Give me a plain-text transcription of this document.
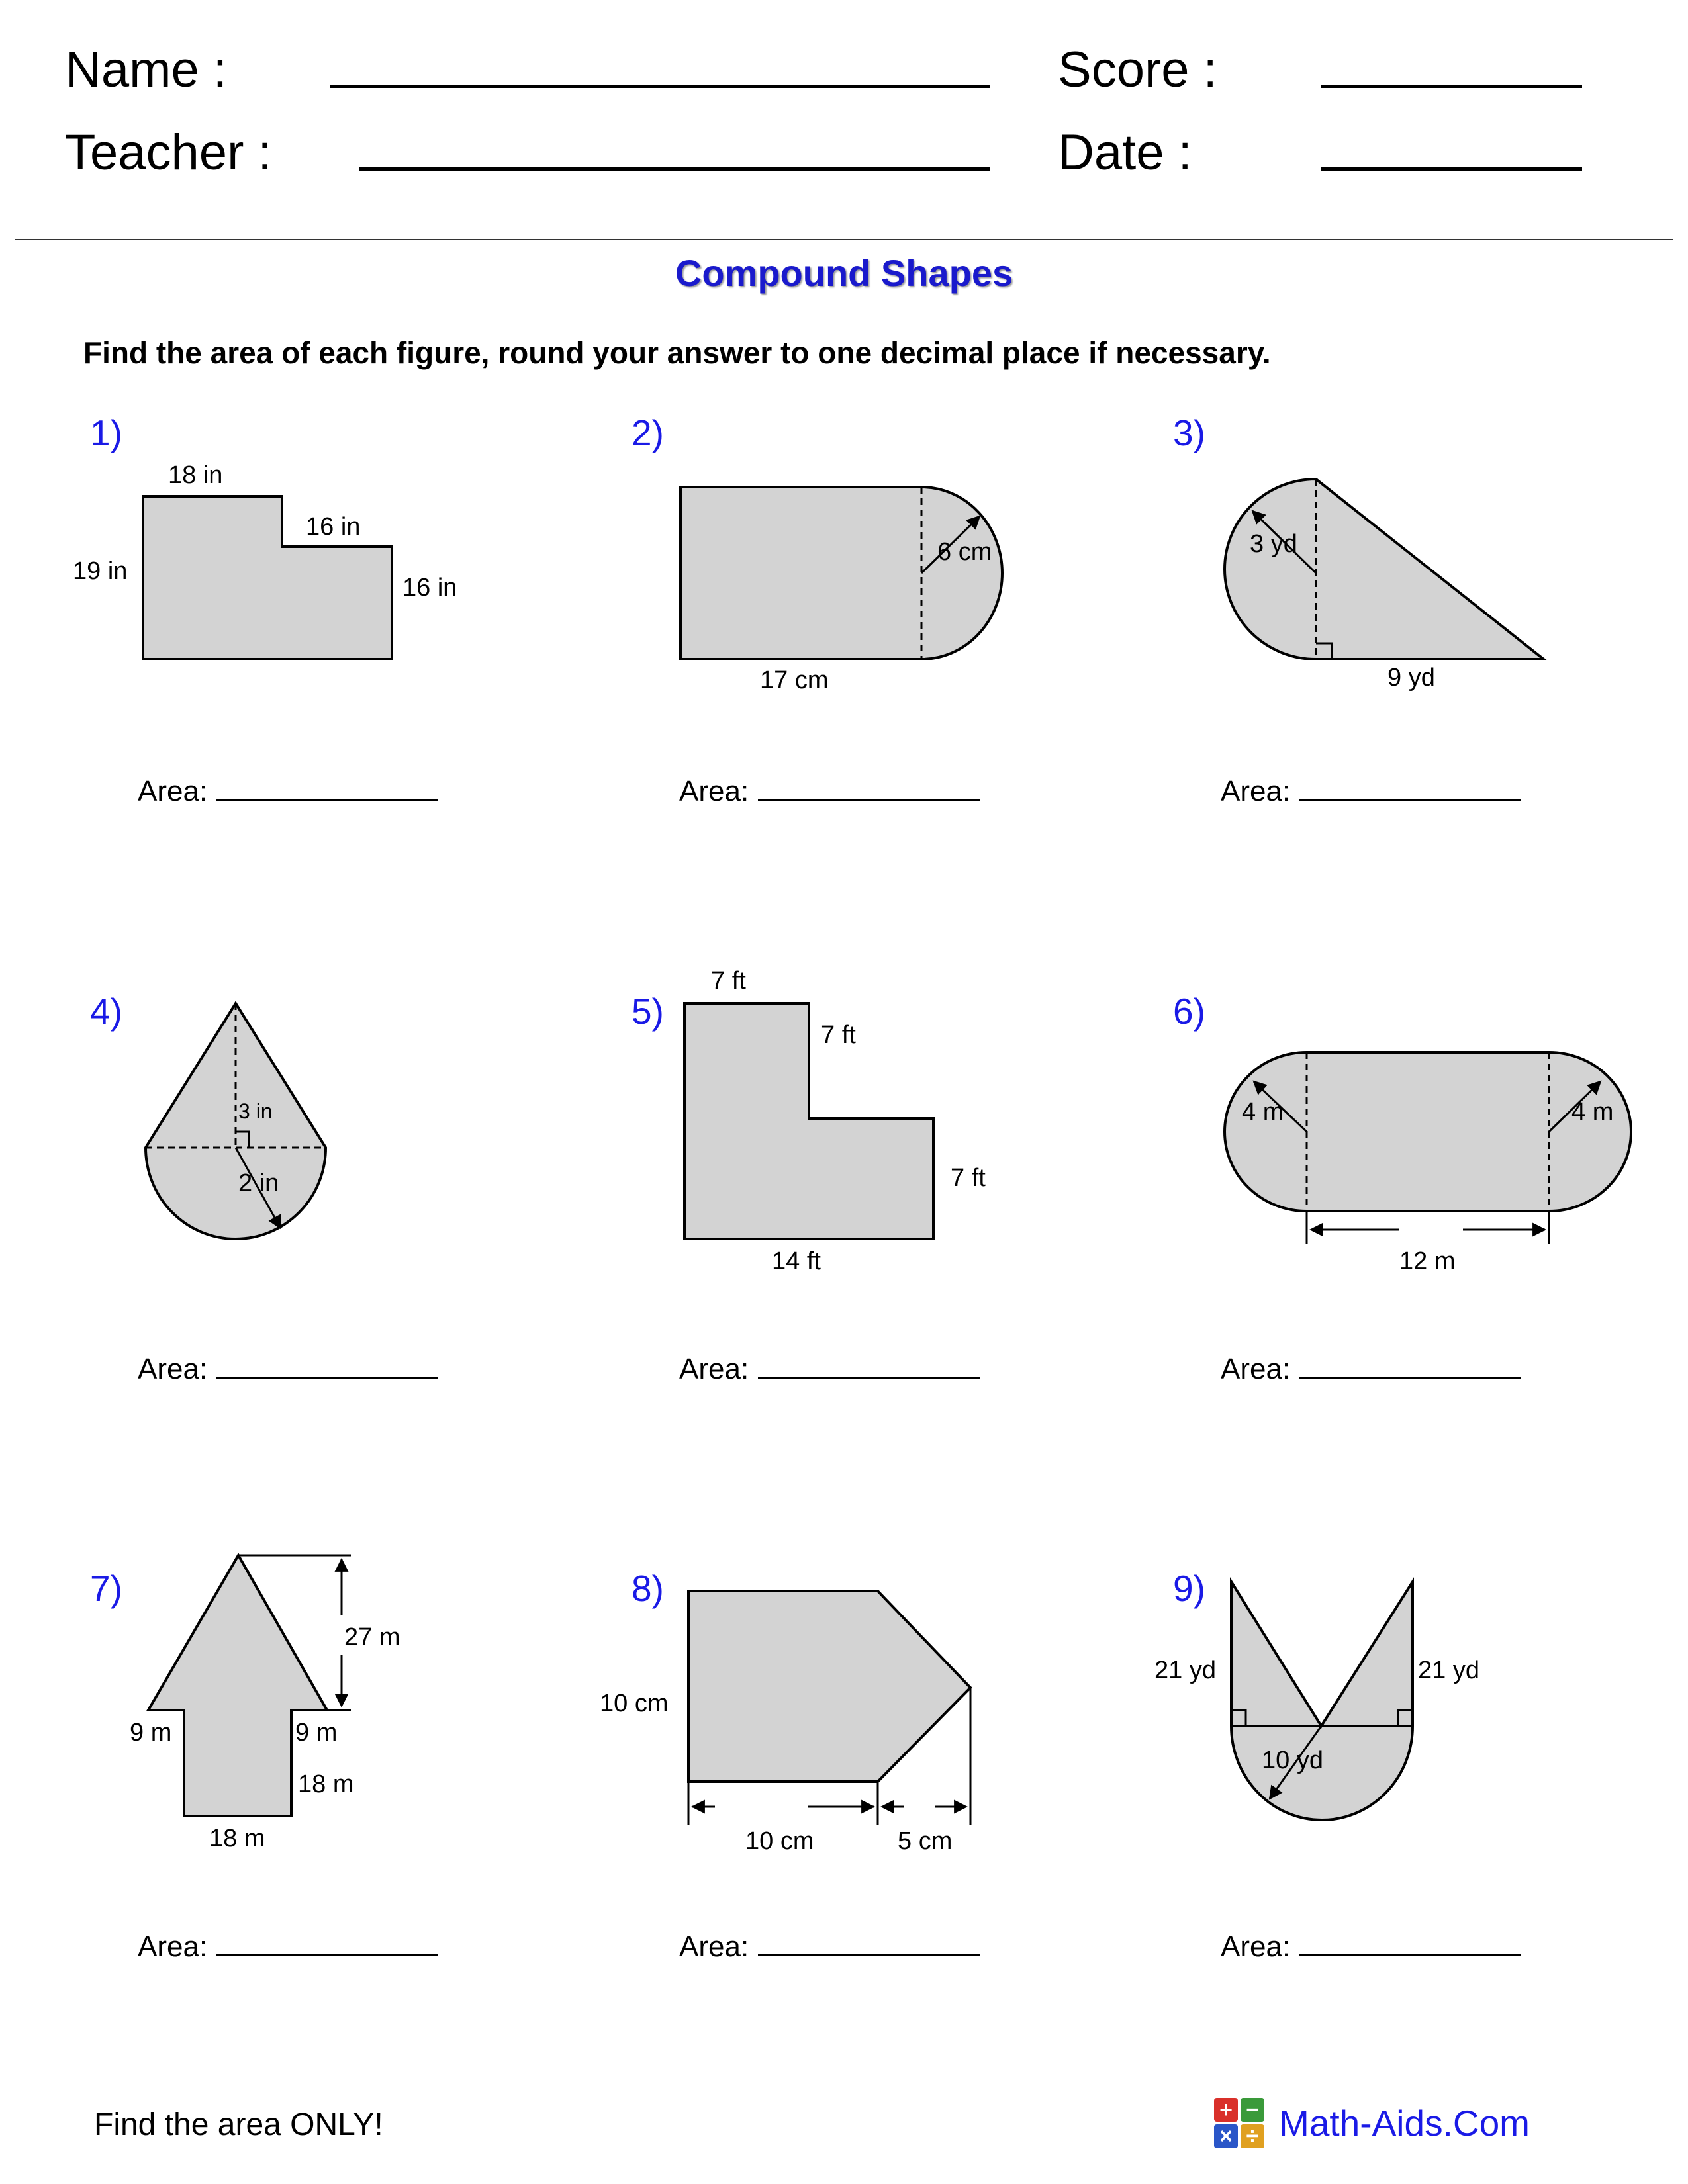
Name :
Teacher :
Score :
Date :
Compound Shapes
Find the area of each figure, round your answer to one decimal place if necessary.
1)	2)	3)
4)	5)	6)
7)	8)	9)
Area:	Area:	Area:
Area:	Area:	Area:
Area:	Area:	Area:
18 in
16 in
19 in
16 in
6 cm
17 cm
3 yd
9 yd
3 in
2 in
7 ft
7 ft
7 ft
14 ft
4 m	4 m
12 m
27 m
9 m	9 m
18 m
18 m
10 cm
10 cm	5 cm
21 yd	21 yd
10 yd
Find the area ONLY!	+ −
× ÷ Math-Aids.Com
